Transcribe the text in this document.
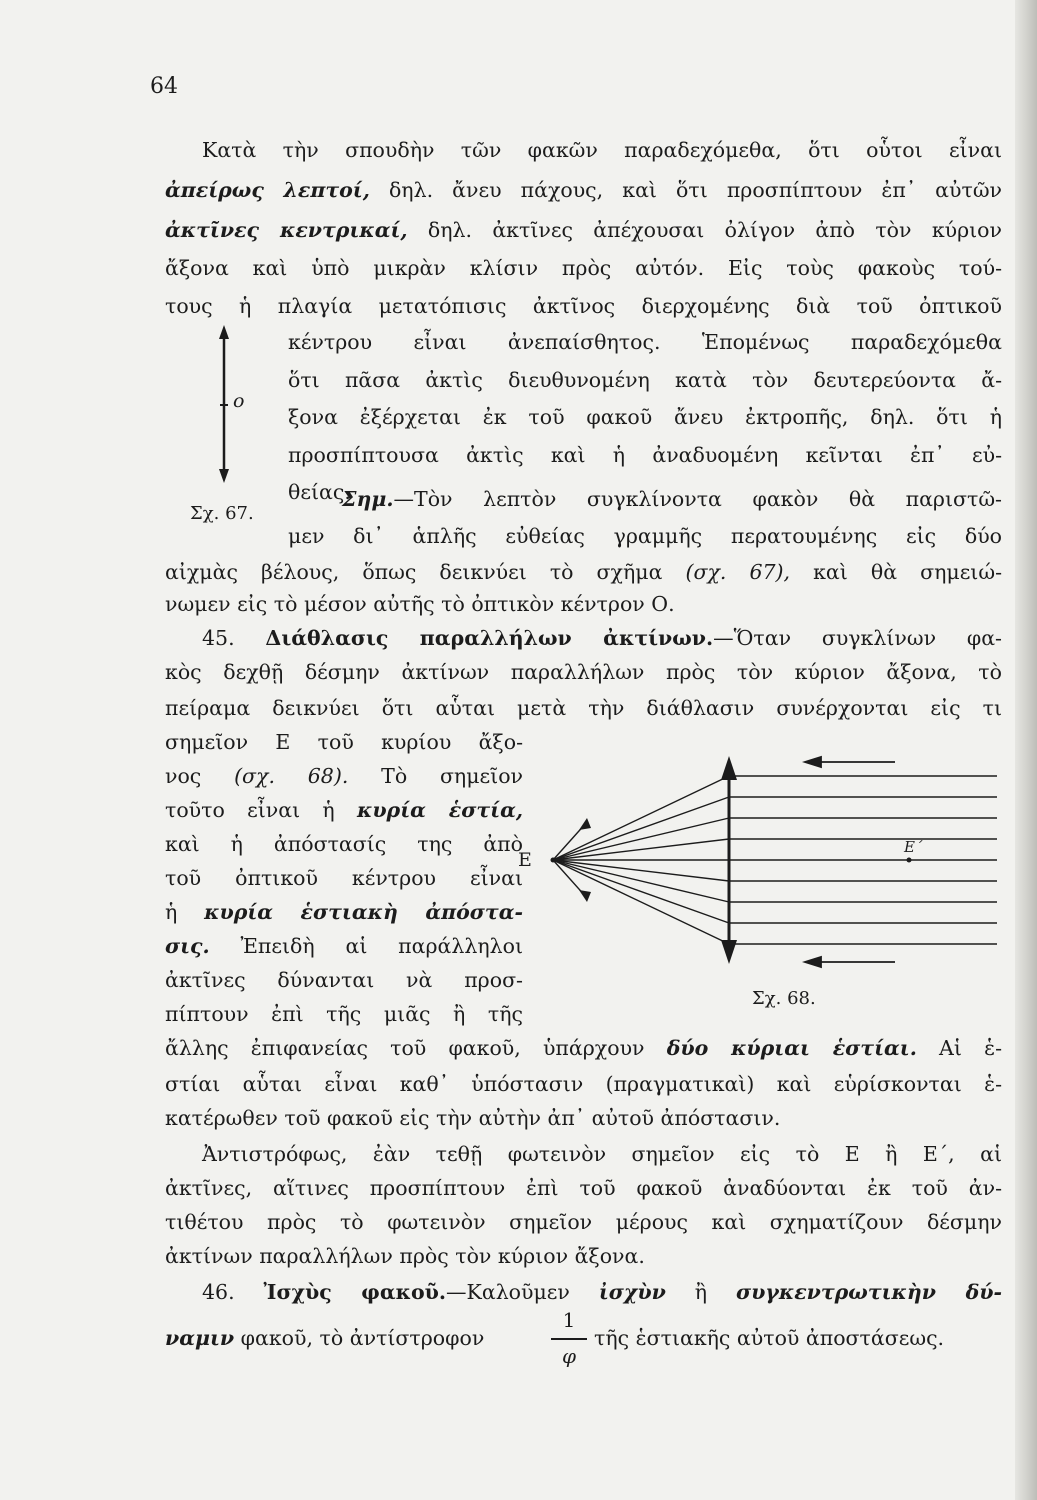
64
Κατὰ τὴν σπουδὴν τῶν φακῶν παραδεχόμεθα, ὅτι οὗτοι εἶναι
ἀπείρως λεπτοί, δηλ. ἄνευ πάχους, καὶ ὅτι προσπίπτουν ἐπ᾽ αὐτῶν
ἀκτῖνες κεντρικαί, δηλ. ἀκτῖνες ἀπέχουσαι ὀλίγον ἀπὸ τὸν κύριον
ἄξονα καὶ ὑπὸ μικρὰν κλίσιν πρὸς αὐτόν. Εἰς τοὺς φακοὺς τού-
τους ἡ πλαγία μετατόπισις ἀκτῖνος διερχομένης διὰ τοῦ ὀπτικοῦ
κέντρου εἶναι ἀνεπαίσθητος. Ἑπομένως παραδεχόμεθα
ὅτι πᾶσα ἀκτὶς διευθυνομένη κατὰ τὸν δευτερεύοντα ἄ-
ξονα ἐξέρχεται ἐκ τοῦ φακοῦ ἄνευ ἐκτροπῆς, δηλ. ὅτι ἡ
προσπίπτουσα ἀκτὶς καὶ ἡ ἀναδυομένη κεῖνται ἐπ᾽ εὐ-
θείας.
ο
Σχ. 67.
Σημ.—Τὸν λεπτὸν συγκλίνοντα φακὸν θὰ παριστῶ-
μεν δι᾽ ἁπλῆς εὐθείας γραμμῆς περατουμένης εἰς δύο
αἰχμὰς βέλους, ὅπως δεικνύει τὸ σχῆμα (σχ. 67), καὶ θὰ σημειώ-
νωμεν εἰς τὸ μέσον αὐτῆς τὸ ὀπτικὸν κέντρον Ο.
45. Διάθλασις παραλλήλων ἀκτίνων.—Ὅταν συγκλίνων φα-
κὸς δεχθῇ δέσμην ἀκτίνων παραλλήλων πρὸς τὸν κύριον ἄξονα, τὸ
πείραμα δεικνύει ὅτι αὗται μετὰ τὴν διάθλασιν συνέρχονται εἰς τι
σημεῖον Ε τοῦ κυρίου ἄξο-
νος (σχ. 68). Τὸ σημεῖον
τοῦτο εἶναι ἡ κυρία ἑστία,
καὶ ἡ ἀπόστασίς της ἀπὸ
τοῦ ὀπτικοῦ κέντρου εἶναι
ἡ κυρία ἑστιακὴ ἀπόστα-
σις. Ἐπειδὴ αἱ παράλληλοι
ἀκτῖνες δύνανται νὰ προσ-
πίπτουν ἐπὶ τῆς μιᾶς ἢ τῆς
ἄλλης ἐπιφανείας τοῦ φακοῦ, ὑπάρχουν δύο κύριαι ἑστίαι. Αἱ ἑ-
στίαι αὗται εἶναι καθ᾽ ὑπόστασιν (πραγματικαὶ) καὶ εὑρίσκονται ἑ-
κατέρωθεν τοῦ φακοῦ εἰς τὴν αὐτὴν ἀπ᾽ αὐτοῦ ἀπόστασιν.
Ε
Ε΄
Σχ. 68.
Ἀντιστρόφως, ἐὰν τεθῇ φωτεινὸν σημεῖον εἰς τὸ Ε ἢ Ε΄, αἱ
ἀκτῖνες, αἵτινες προσπίπτουν ἐπὶ τοῦ φακοῦ ἀναδύονται ἐκ τοῦ ἀν-
τιθέτου πρὸς τὸ φωτεινὸν σημεῖον μέρους καὶ σχηματίζουν δέσμην
ἀκτίνων παραλλήλων πρὸς τὸν κύριον ἄξονα.
46. Ἰσχὺς φακοῦ.—Καλοῦμεν ἰσχὺν ἢ συγκεντρωτικὴν δύ-
ναμιν φακοῦ, τὸ ἀντίστροφον
1
φ
τῆς ἑστιακῆς αὐτοῦ ἀποστάσεως.
